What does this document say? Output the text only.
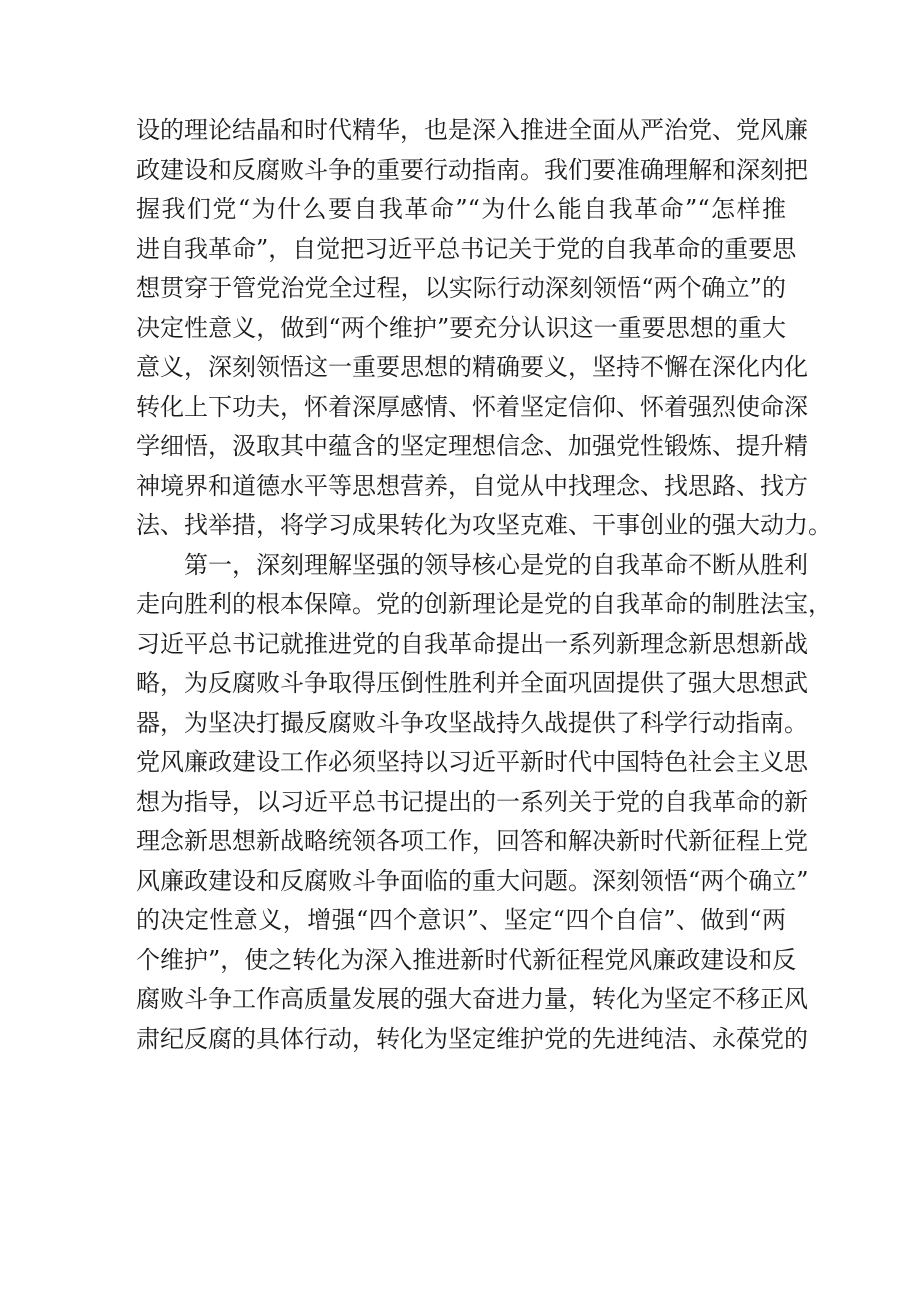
设的理论结晶和时代精华，也是深入推进全面从严治党、党风廉
政建设和反腐败斗争的重要行动指南。我们要准确理解和深刻把
握我们党“为什么要自我革命”“为什么能自我革命”“怎样推
进自我革命”，自觉把习近平总书记关于党的自我革命的重要思
想贯穿于管党治党全过程，以实际行动深刻领悟“两个确立”的
决定性意义，做到“两个维护”要充分认识这一重要思想的重大
意义，深刻领悟这一重要思想的精确要义，坚持不懈在深化内化
转化上下功夫，怀着深厚感情、怀着坚定信仰、怀着强烈使命深
学细悟，汲取其中蕴含的坚定理想信念、加强党性锻炼、提升精
神境界和道德水平等思想营养，自觉从中找理念、找思路、找方
法、找举措，将学习成果转化为攻坚克难、干事创业的强大动力。
第一，深刻理解坚强的领导核心是党的自我革命不断从胜利
走向胜利的根本保障。党的创新理论是党的自我革命的制胜法宝，
习近平总书记就推进党的自我革命提出一系列新理念新思想新战
略，为反腐败斗争取得压倒性胜利并全面巩固提供了强大思想武
器，为坚决打撮反腐败斗争攻坚战持久战提供了科学行动指南。
党风廉政建设工作必须坚持以习近平新时代中国特色社会主义思
想为指导，以习近平总书记提出的一系列关于党的自我革命的新
理念新思想新战略统领各项工作，回答和解决新时代新征程上党
风廉政建设和反腐败斗争面临的重大问题。深刻领悟“两个确立”
的决定性意义，增强“四个意识”、坚定“四个自信”、做到“两
个维护”，使之转化为深入推进新时代新征程党风廉政建设和反
腐败斗争工作高质量发展的强大奋进力量，转化为坚定不移正风
肃纪反腐的具体行动，转化为坚定维护党的先进纯洁、永葆党的
